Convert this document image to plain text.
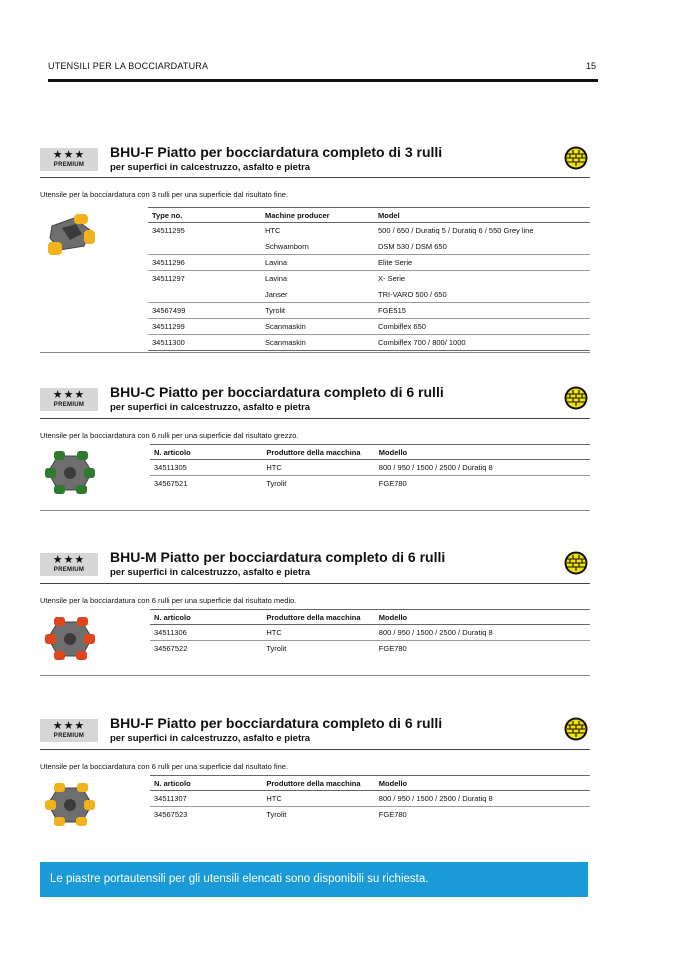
UTENSILI PER LA BOCCIARDATURA	15
★★★
PREMIUM
BHU-F Piatto per bocciardatura completo di 3 rulli
per superfici in calcestruzzo, asfalto e pietra
Utensile per la bocciardatura con 3 rulli per una superficie dal risultato fine.
Type no.	Machine producer	Model
34511295	HTC	500 / 650 / Duratiq 5 / Duratiq 6 / 550 Grey line
	Schwamborn	DSM 530 / DSM 650
34511296	Lavina	Elite Serie
34511297	Lavina	X- Serie
	Janser	TRI-VARO 500 / 650
34567499	Tyrolit	FGE515
34511299	Scanmaskin	Combiflex 650
34511300	Scanmaskin	Combiflex 700 / 800/ 1000
★★★
PREMIUM
BHU-C Piatto per bocciardatura completo di 6 rulli
per superfici in calcestruzzo, asfalto e pietra
Utensile per la bocciardatura con 6 rulli per una superficie dal risultato grezzo.
N. articolo	Produttore della macchina	Modello
34511305	HTC	800 / 950 / 1500 / 2500 / Duratiq 8
34567521	Tyrolit	FGE780
★★★
PREMIUM
BHU-M Piatto per bocciardatura completo di 6 rulli
per superfici in calcestruzzo, asfalto e pietra
Utensile per la bocciardatura con 6 rulli per una superficie dal risultato medio.
N. articolo	Produttore della macchina	Modello
34511306	HTC	800 / 950 / 1500 / 2500 / Duratiq 8
34567522	Tyrolit	FGE780
★★★
PREMIUM
BHU-F Piatto per bocciardatura completo di 6 rulli
per superfici in calcestruzzo, asfalto e pietra
Utensile per la bocciardatura con 6 rulli per una superficie dal risultato fine.
N. articolo	Produttore della macchina	Modello
34511307	HTC	800 / 950 / 1500 / 2500 / Duratiq 8
34567523	Tyrolit	FGE780
Le piastre portautensili per gli utensili elencati sono disponibili su richiesta.
